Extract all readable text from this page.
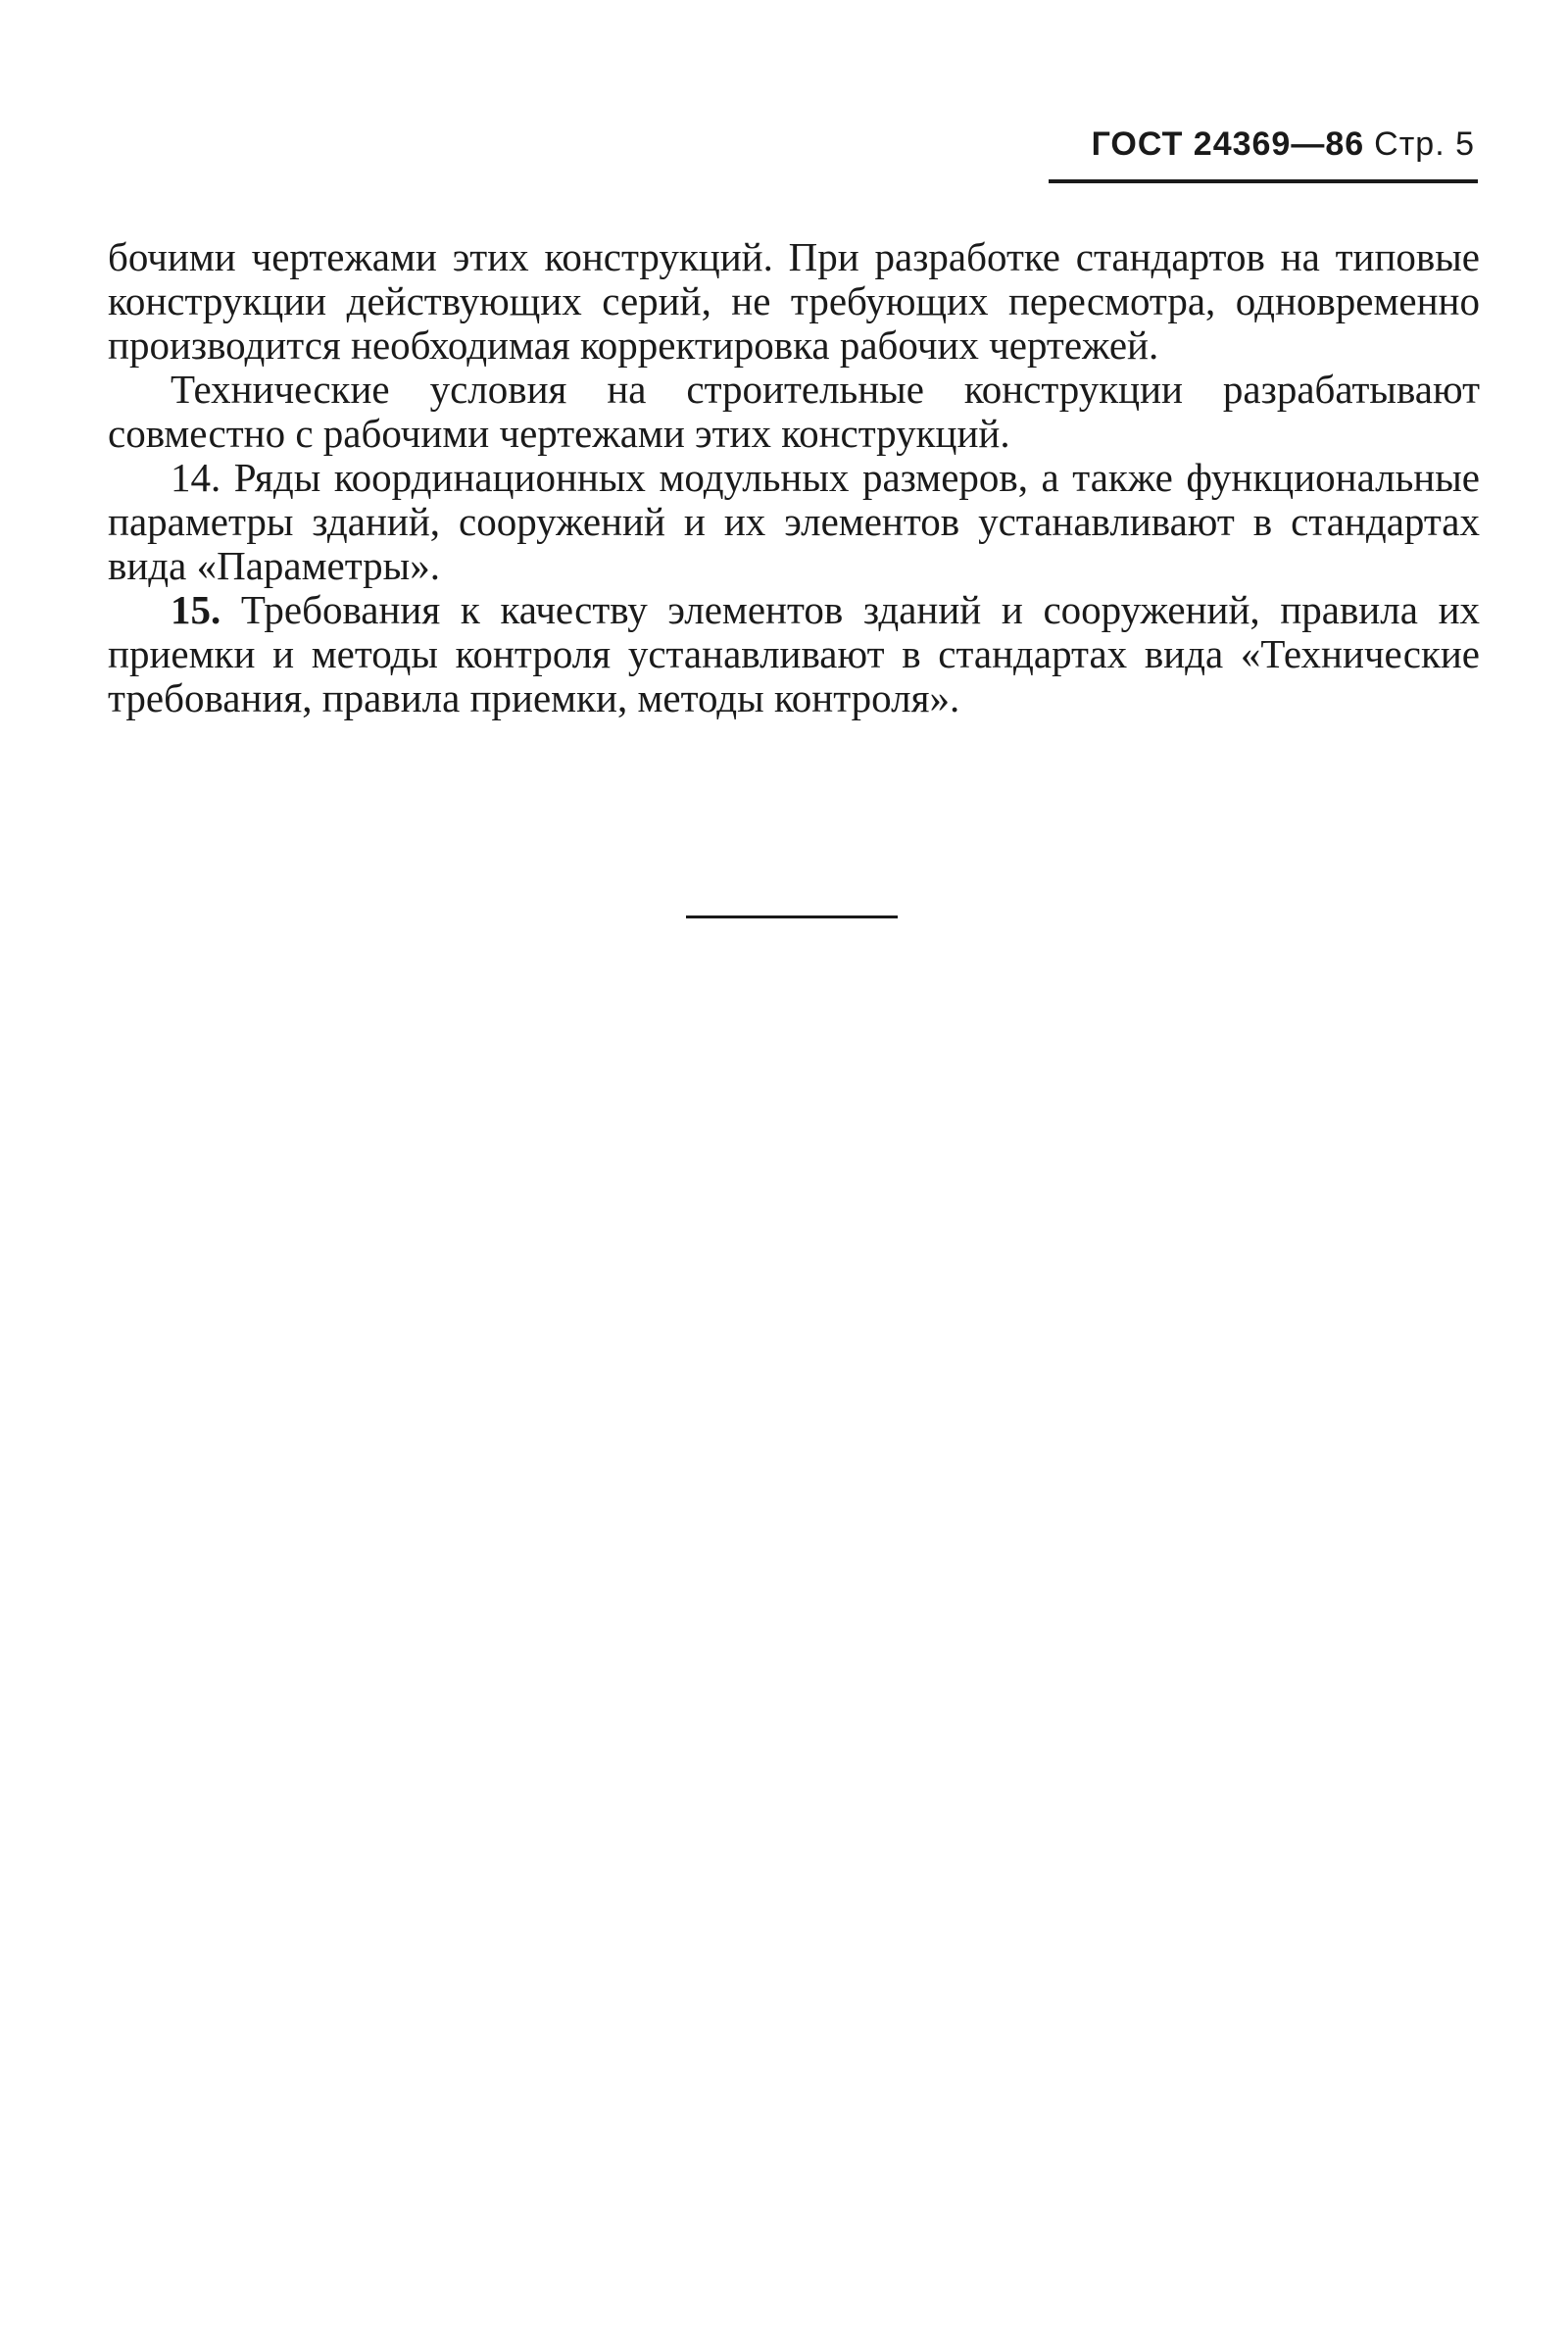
ГОСТ 24369—86 Стр. 5

бочими чертежами этих конструкций. При разработке стандартов на типовые конструкции действующих серий, не требующих пересмотра, одновременно производится необходимая корректировка рабочих чертежей.

Технические условия на строительные конструкции разрабатывают совместно с рабочими чертежами этих конструкций.

14. Ряды координационных модульных размеров, а также функциональные параметры зданий, сооружений и их элементов устанавливают в стандартах вида «Параметры».

15. Требования к качеству элементов зданий и сооружений, правила их приемки и методы контроля устанавливают в стандартах вида «Технические требования, правила приемки, методы контроля».
